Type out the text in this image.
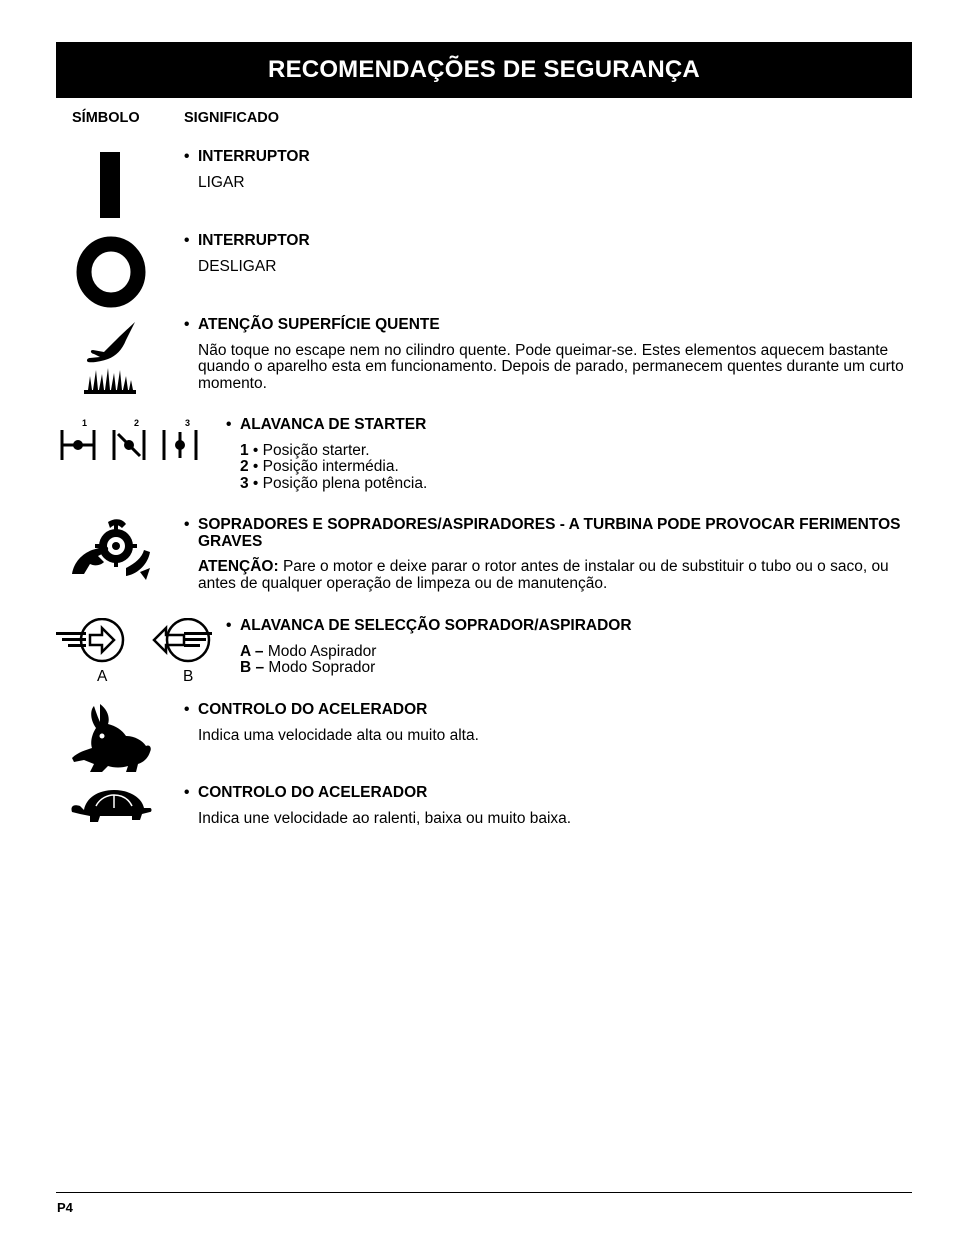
RECOMENDAÇÕES DE SEGURANÇA
SÍMBOLO	SIGNIFICADO
• INTERRUPTOR
LIGAR
• INTERRUPTOR
DESLIGAR
• ATENÇÃO SUPERFÍCIE QUENTE
Não toque no escape nem no cilindro quente. Pode queimar-se. Estes elementos aquecem bastante quando o aparelho esta em funcionamento. Depois de parado, permanecem quentes durante um curto momento.
1	2	3 • ALAVANCA DE STARTER
1 • Posição starter.
2 • Posição intermédia.
3 • Posição plena potência.
• SOPRADORES E SOPRADORES/ASPIRADORES - A TURBINA PODE PROVOCAR FERIMENTOS GRAVES
ATENÇÃO: Pare o motor e deixe parar o rotor antes de instalar ou de substituir o tubo ou o saco, ou antes de qualquer operação de limpeza ou de manutenção.
A	B
• ALAVANCA DE SELECÇÃO SOPRADOR/ASPIRADOR
A – Modo Aspirador
B – Modo Soprador
• CONTROLO DO ACELERADOR
Indica uma velocidade alta ou muito alta.
• CONTROLO DO ACELERADOR
Indica une velocidade ao ralenti, baixa ou muito baixa.
P4
